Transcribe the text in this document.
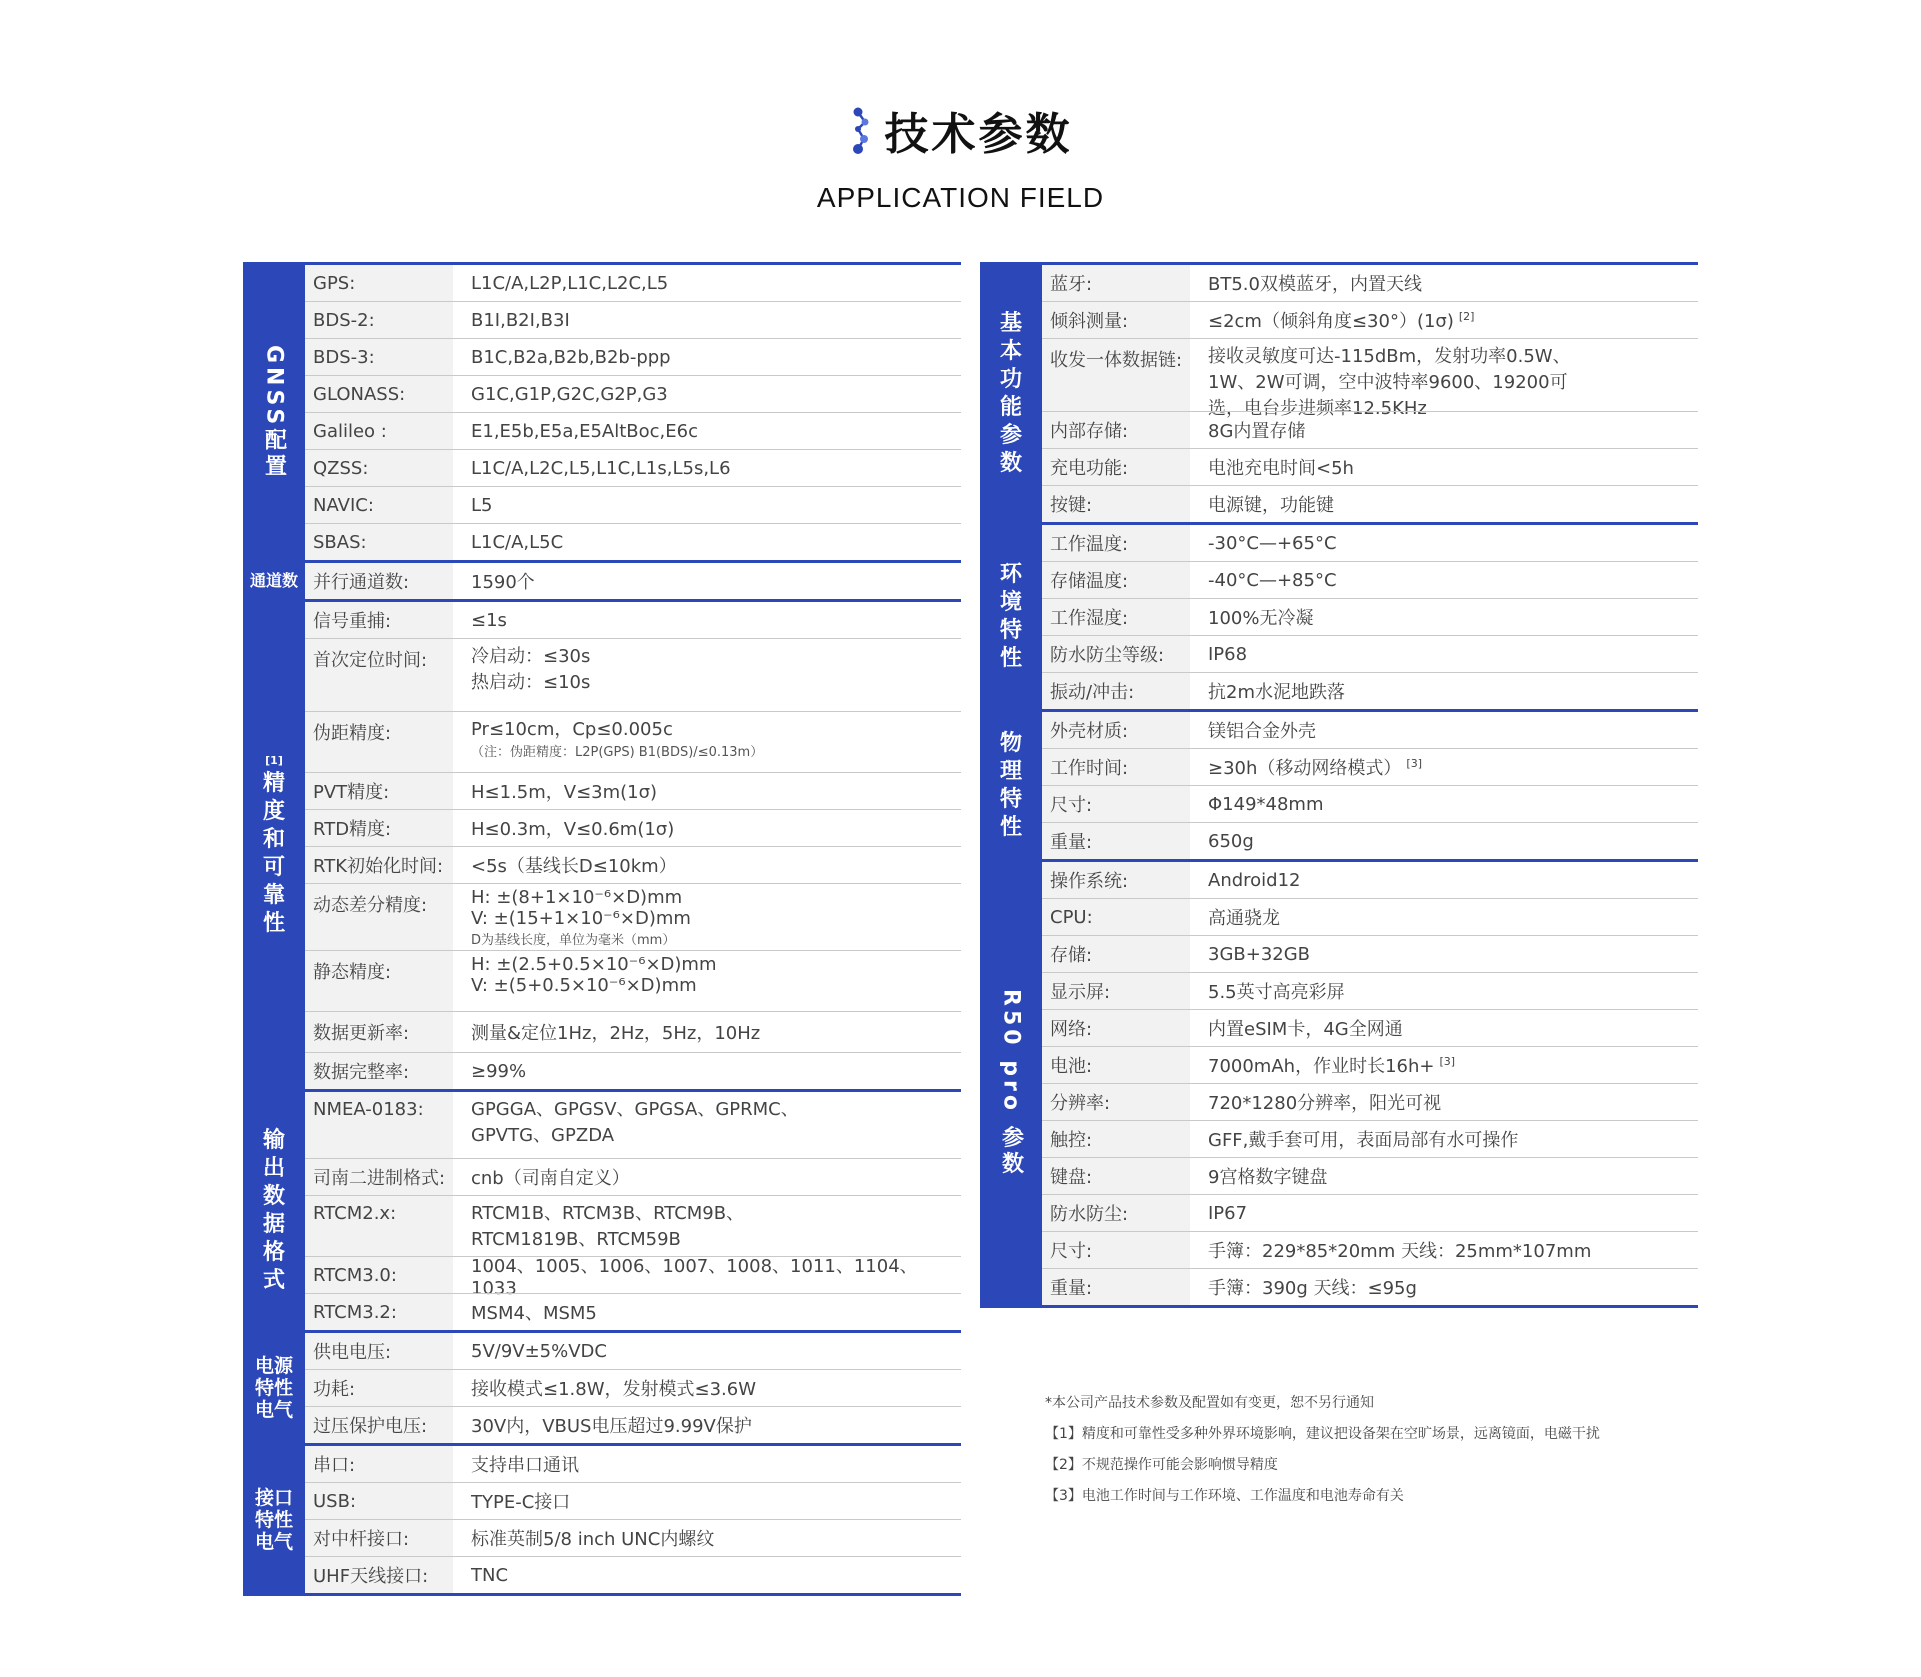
技术参数
APPLICATION FIELD
GNSS配置
GPS:	L1C/A,L2P,L1C,L2C,L5
BDS-2:	B1I,B2I,B3I
BDS-3:	B1C,B2a,B2b,B2b-ppp
GLONASS:	G1C,G1P,G2C,G2P,G3
Galileo :	E1,E5b,E5a,E5AltBoc,E6c
QZSS:	L1C/A,L2C,L5,L1C,L1s,L5s,L6
NAVIC:	L5
SBAS:	L1C/A,L5C
通道数 并行通道数:	1590个
[1]
精度和可靠性
信号重捕:	≤1s
首次定位时间:	冷启动：≤30s
热启动：≤10s
伪距精度:	Pr≤10cm，Cp≤0.005c
（注：伪距精度：L2P(GPS) B1(BDS)/≤0.13m）
PVT精度:	H≤1.5m，V≤3m(1σ)
RTD精度:	H≤0.3m，V≤0.6m(1σ)
RTK初始化时间:	<5s（基线长D≤10km）
动态差分精度:	H: ±(8+1×10⁻⁶×D)mm
V: ±(15+1×10⁻⁶×D)mm
D为基线长度，单位为毫米（mm）
静态精度:	H: ±(2.5+0.5×10⁻⁶×D)mm
V: ±(5+0.5×10⁻⁶×D)mm
数据更新率:	测量&定位1Hz，2Hz，5Hz，10Hz
数据完整率:	≥99%
输出数据格式
NMEA-0183:	GPGGA、GPGSV、GPGSA、GPRMC、
GPVTG、GPZDA
司南二进制格式:	cnb（司南自定义）
RTCM2.x:	RTCM1B、RTCM3B、RTCM9B、
RTCM1819B、RTCM59B
RTCM3.0:	1004、1005、1006、1007、1008、1011、1104、1033
RTCM3.2:	MSM4、MSM5
电源特性电气
供电电压:	5V/9V±5%VDC
功耗:	接收模式≤1.8W，发射模式≤3.6W
过压保护电压:	30V内，VBUS电压超过9.99V保护
接口特性电气
串口:	支持串口通讯
USB:	TYPE-C接口
对中杆接口:	标准英制5/8 inch UNC内螺纹
UHF天线接口:	TNC
基本功能参数
蓝牙:	BT5.0双模蓝牙，内置天线
倾斜测量:	≤2cm（倾斜角度≤30°）(1σ) [2]
收发一体数据链:	接收灵敏度可达-115dBm，发射功率0.5W、
1W、2W可调，空中波特率9600、19200可
选，电台步进频率12.5KHz
内部存储:	8G内置存储
充电功能:	电池充电时间<5h
按键:	电源键，功能键
环境特性
工作温度:	-30°C—+65°C
存储温度:	-40°C—+85°C
工作湿度:	100%无冷凝
防水防尘等级:	IP68
振动/冲击:	抗2m水泥地跌落
物理特性
外壳材质:	镁铝合金外壳
工作时间:	≥30h（移动网络模式） [3]
尺寸:	Φ149*48mm
重量:	650g
R50 pro 参数
操作系统:	Android12
CPU:	高通骁龙
存储:	3GB+32GB
显示屏:	5.5英寸高亮彩屏
网络:	内置eSIM卡，4G全网通
电池:	7000mAh，作业时长16h+ [3]
分辨率:	720*1280分辨率，阳光可视
触控:	GFF,戴手套可用，表面局部有水可操作
键盘:	9宫格数字键盘
防水防尘:	IP67
尺寸:	手簿：229*85*20mm 天线：25mm*107mm
重量:	手簿：390g 天线：≤95g
*本公司产品技术参数及配置如有变更，恕不另行通知
【1】精度和可靠性受多种外界环境影响，建议把设备架在空旷场景，远离镜面，电磁干扰
【2】不规范操作可能会影响惯导精度
【3】电池工作时间与工作环境、工作温度和电池寿命有关
